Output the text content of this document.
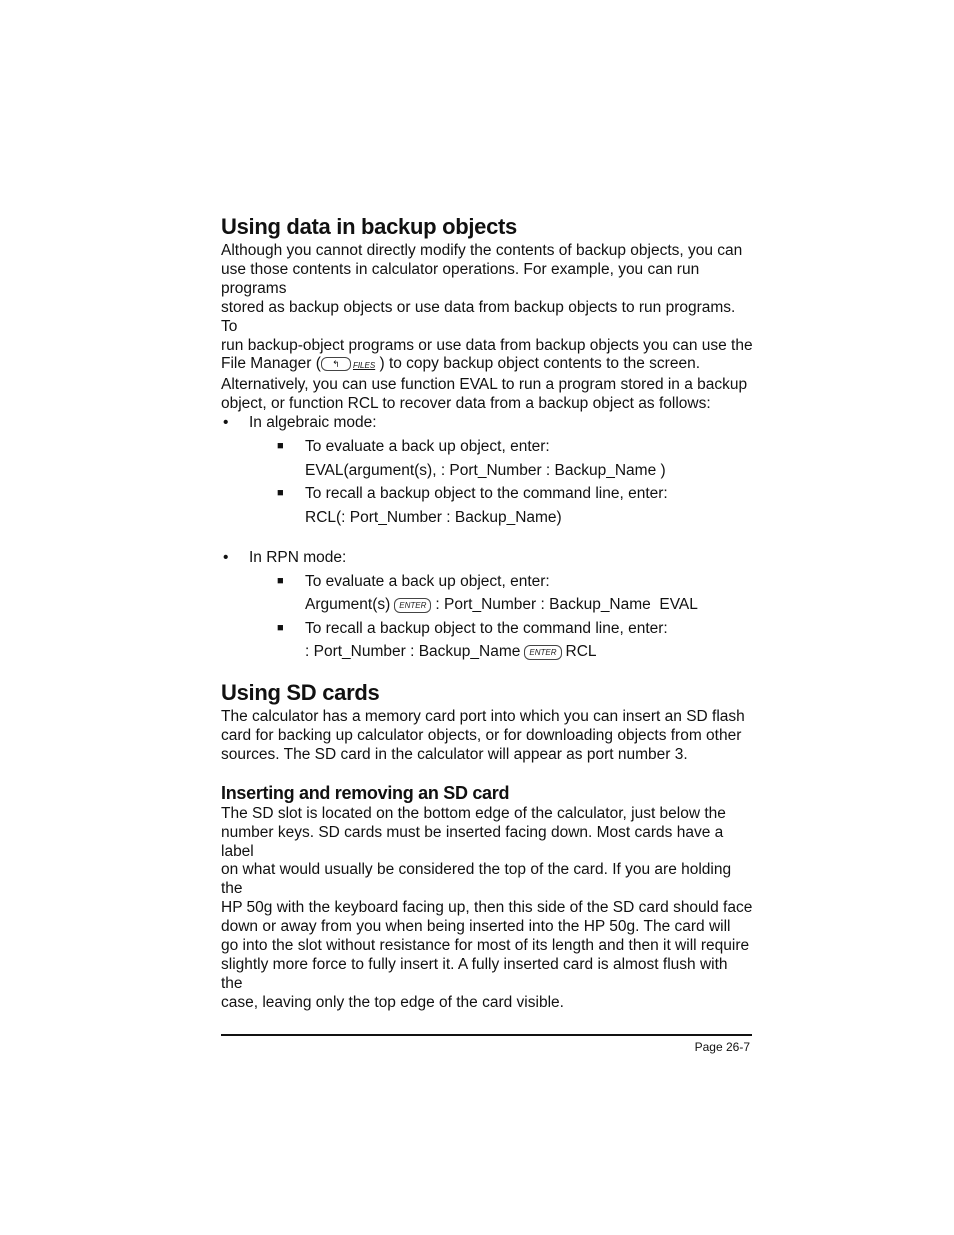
Using data in backup objects

Although you cannot directly modify the contents of backup objects, you can
use those contents in calculator operations. For example, you can run programs
stored as backup objects or use data from backup objects to run programs. To
run backup-object programs or use data from backup objects you can use the
File Manager ( ↰ FILES ) to copy backup object contents to the screen.
Alternatively, you can use function EVAL to run a program stored in a backup
object, or function RCL to recover data from a backup object as follows:

• In algebraic mode:
■ To evaluate a back up object, enter:
EVAL(argument(s), : Port_Number : Backup_Name )
■ To recall a backup object to the command line, enter:
RCL(: Port_Number : Backup_Name)
• In RPN mode:
■ To evaluate a back up object, enter:
Argument(s) ENTER : Port_Number : Backup_Name  EVAL
■ To recall a backup object to the command line, enter:
: Port_Number : Backup_Name ENTER RCL
Using SD cards

The calculator has a memory card port into which you can insert an SD flash
card for backing up calculator objects, or for downloading objects from other
sources. The SD card in the calculator will appear as port number 3.

Inserting and removing an SD card

The SD slot is located on the bottom edge of the calculator, just below the
number keys. SD cards must be inserted facing down. Most cards have a label
on what would usually be considered the top of the card. If you are holding the
HP 50g with the keyboard facing up, then this side of the SD card should face
down or away from you when being inserted into the HP 50g. The card will
go into the slot without resistance for most of its length and then it will require
slightly more force to fully insert it. A fully inserted card is almost flush with the
case, leaving only the top edge of the card visible.

Page 26-7
